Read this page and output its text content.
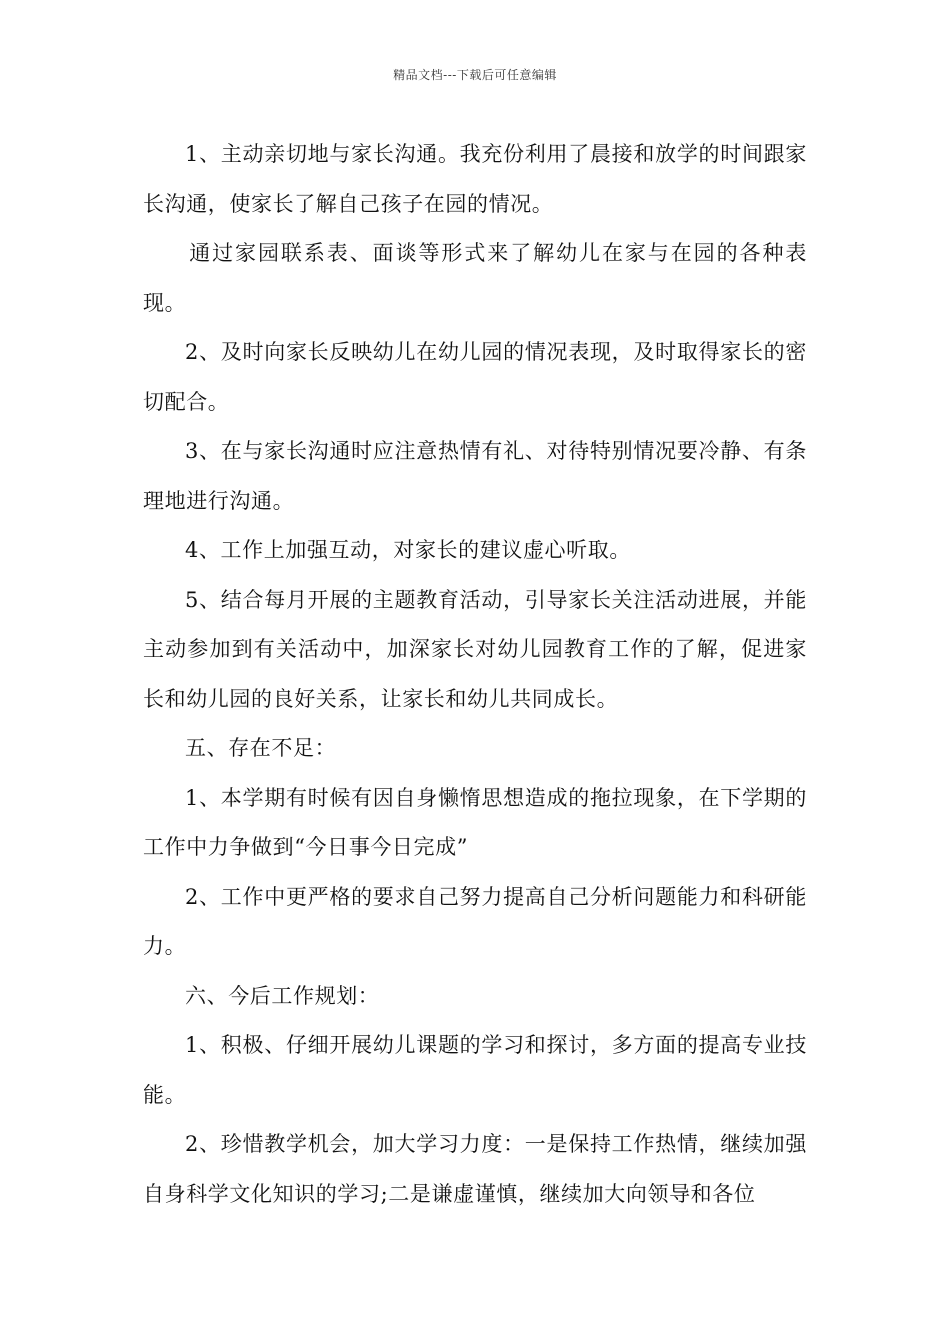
精品文档---下载后可任意编辑

1、主动亲切地与家长沟通。我充份利用了晨接和放学的时间跟家长沟通，使家长了解自己孩子在园的情况。

通过家园联系表、面谈等形式来了解幼儿在家与在园的各种表现。

2、及时向家长反映幼儿在幼儿园的情况表现，及时取得家长的密切配合。

3、在与家长沟通时应注意热情有礼、对待特别情况要冷静、有条理地进行沟通。

4、工作上加强互动，对家长的建议虚心听取。

5、结合每月开展的主题教育活动，引导家长关注活动进展，并能主动参加到有关活动中，加深家长对幼儿园教育工作的了解，促进家长和幼儿园的良好关系，让家长和幼儿共同成长。

五、存在不足：

1、本学期有时候有因自身懒惰思想造成的拖拉现象，在下学期的工作中力争做到“今日事今日完成”

2、工作中更严格的要求自己努力提高自己分析问题能力和科研能力。

六、今后工作规划：

1、积极、仔细开展幼儿课题的学习和探讨，多方面的提高专业技能。

2、珍惜教学机会，加大学习力度：一是保持工作热情，继续加强自身科学文化知识的学习;二是谦虚谨慎，继续加大向领导和各位
